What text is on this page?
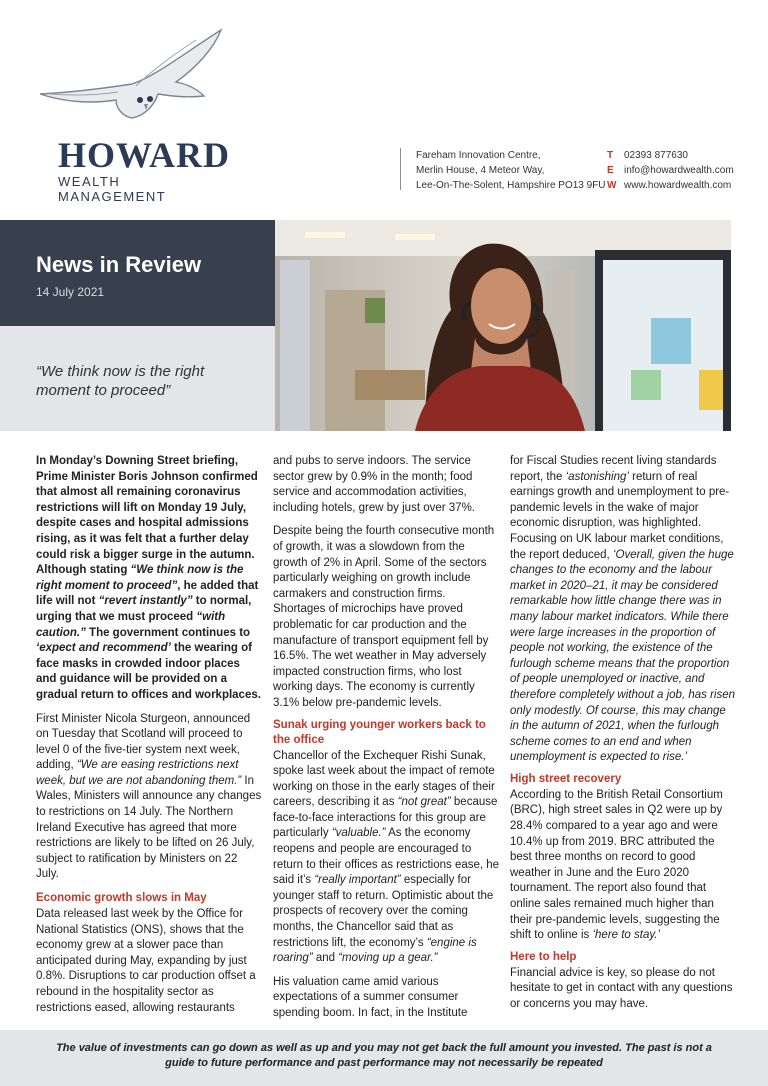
HOWARD
WEALTH MANAGEMENT
Fareham Innovation Centre,
Merlin House, 4 Meteor Way,
Lee-On-The-Solent, Hampshire PO13 9FU
T 02393 877630
E info@howardwealth.com
W www.howardwealth.com
News in Review
14 July 2021
“We think now is the right moment to proceed”

In Monday’s Downing Street briefing, Prime Minister Boris Johnson confirmed that almost all remaining coronavirus restrictions will lift on Monday 19 July, despite cases and hospital admissions rising, as it was felt that a further delay could risk a bigger surge in the autumn. Although stating “We think now is the right moment to proceed”, he added that life will not “revert instantly” to normal, urging that we must proceed “with caution.” The government continues to ‘expect and recommend’ the wearing of face masks in crowded indoor places and guidance will be provided on a gradual return to offices and workplaces.

First Minister Nicola Sturgeon, announced on Tuesday that Scotland will proceed to level 0 of the five-tier system next week, adding, “We are easing restrictions next week, but we are not abandoning them.” In Wales, Ministers will announce any changes to restrictions on 14 July. The Northern Ireland Executive has agreed that more restrictions are likely to be lifted on 26 July, subject to ratification by Ministers on 22 July.

Economic growth slows in May

Data released last week by the Office for National Statistics (ONS), shows that the economy grew at a slower pace than anticipated during May, expanding by just 0.8%. Disruptions to car production offset a rebound in the hospitality sector as restrictions eased, allowing restaurants

and pubs to serve indoors. The service sector grew by 0.9% in the month; food service and accommodation activities, including hotels, grew by just over 37%.

Despite being the fourth consecutive month of growth, it was a slowdown from the growth of 2% in April. Some of the sectors particularly weighing on growth include carmakers and construction firms. Shortages of microchips have proved problematic for car production and the manufacture of transport equipment fell by 16.5%. The wet weather in May adversely impacted construction firms, who lost working days. The economy is currently 3.1% below pre-pandemic levels.

Sunak urging younger workers back to the office

Chancellor of the Exchequer Rishi Sunak, spoke last week about the impact of remote working on those in the early stages of their careers, describing it as “not great” because face-to-face interactions for this group are particularly “valuable.” As the economy reopens and people are encouraged to return to their offices as restrictions ease, he said it’s “really important” especially for younger staff to return. Optimistic about the prospects of recovery over the coming months, the Chancellor said that as restrictions lift, the economy’s “engine is roaring” and “moving up a gear.”

His valuation came amid various expectations of a summer consumer spending boom. In fact, in the Institute

for Fiscal Studies recent living standards report, the ‘astonishing’ return of real earnings growth and unemployment to pre-pandemic levels in the wake of major economic disruption, was highlighted. Focusing on UK labour market conditions, the report deduced, ‘Overall, given the huge changes to the economy and the labour market in 2020–21, it may be considered remarkable how little change there was in many labour market indicators. While there were large increases in the proportion of people not working, the existence of the furlough scheme means that the proportion of people unemployed or inactive, and therefore completely without a job, has risen only modestly. Of course, this may change in the autumn of 2021, when the furlough scheme comes to an end and when unemployment is expected to rise.’

High street recovery

According to the British Retail Consortium (BRC), high street sales in Q2 were up by 28.4% compared to a year ago and were 10.4% up from 2019. BRC attributed the best three months on record to good weather in June and the Euro 2020 tournament. The report also found that online sales remained much higher than their pre-pandemic levels, suggesting the shift to online is ‘here to stay.’

Here to help

Financial advice is key, so please do not hesitate to get in contact with any questions or concerns you may have.

The value of investments can go down as well as up and you may not get back the full amount you invested. The past is not a guide to future performance and past performance may not necessarily be repeated
